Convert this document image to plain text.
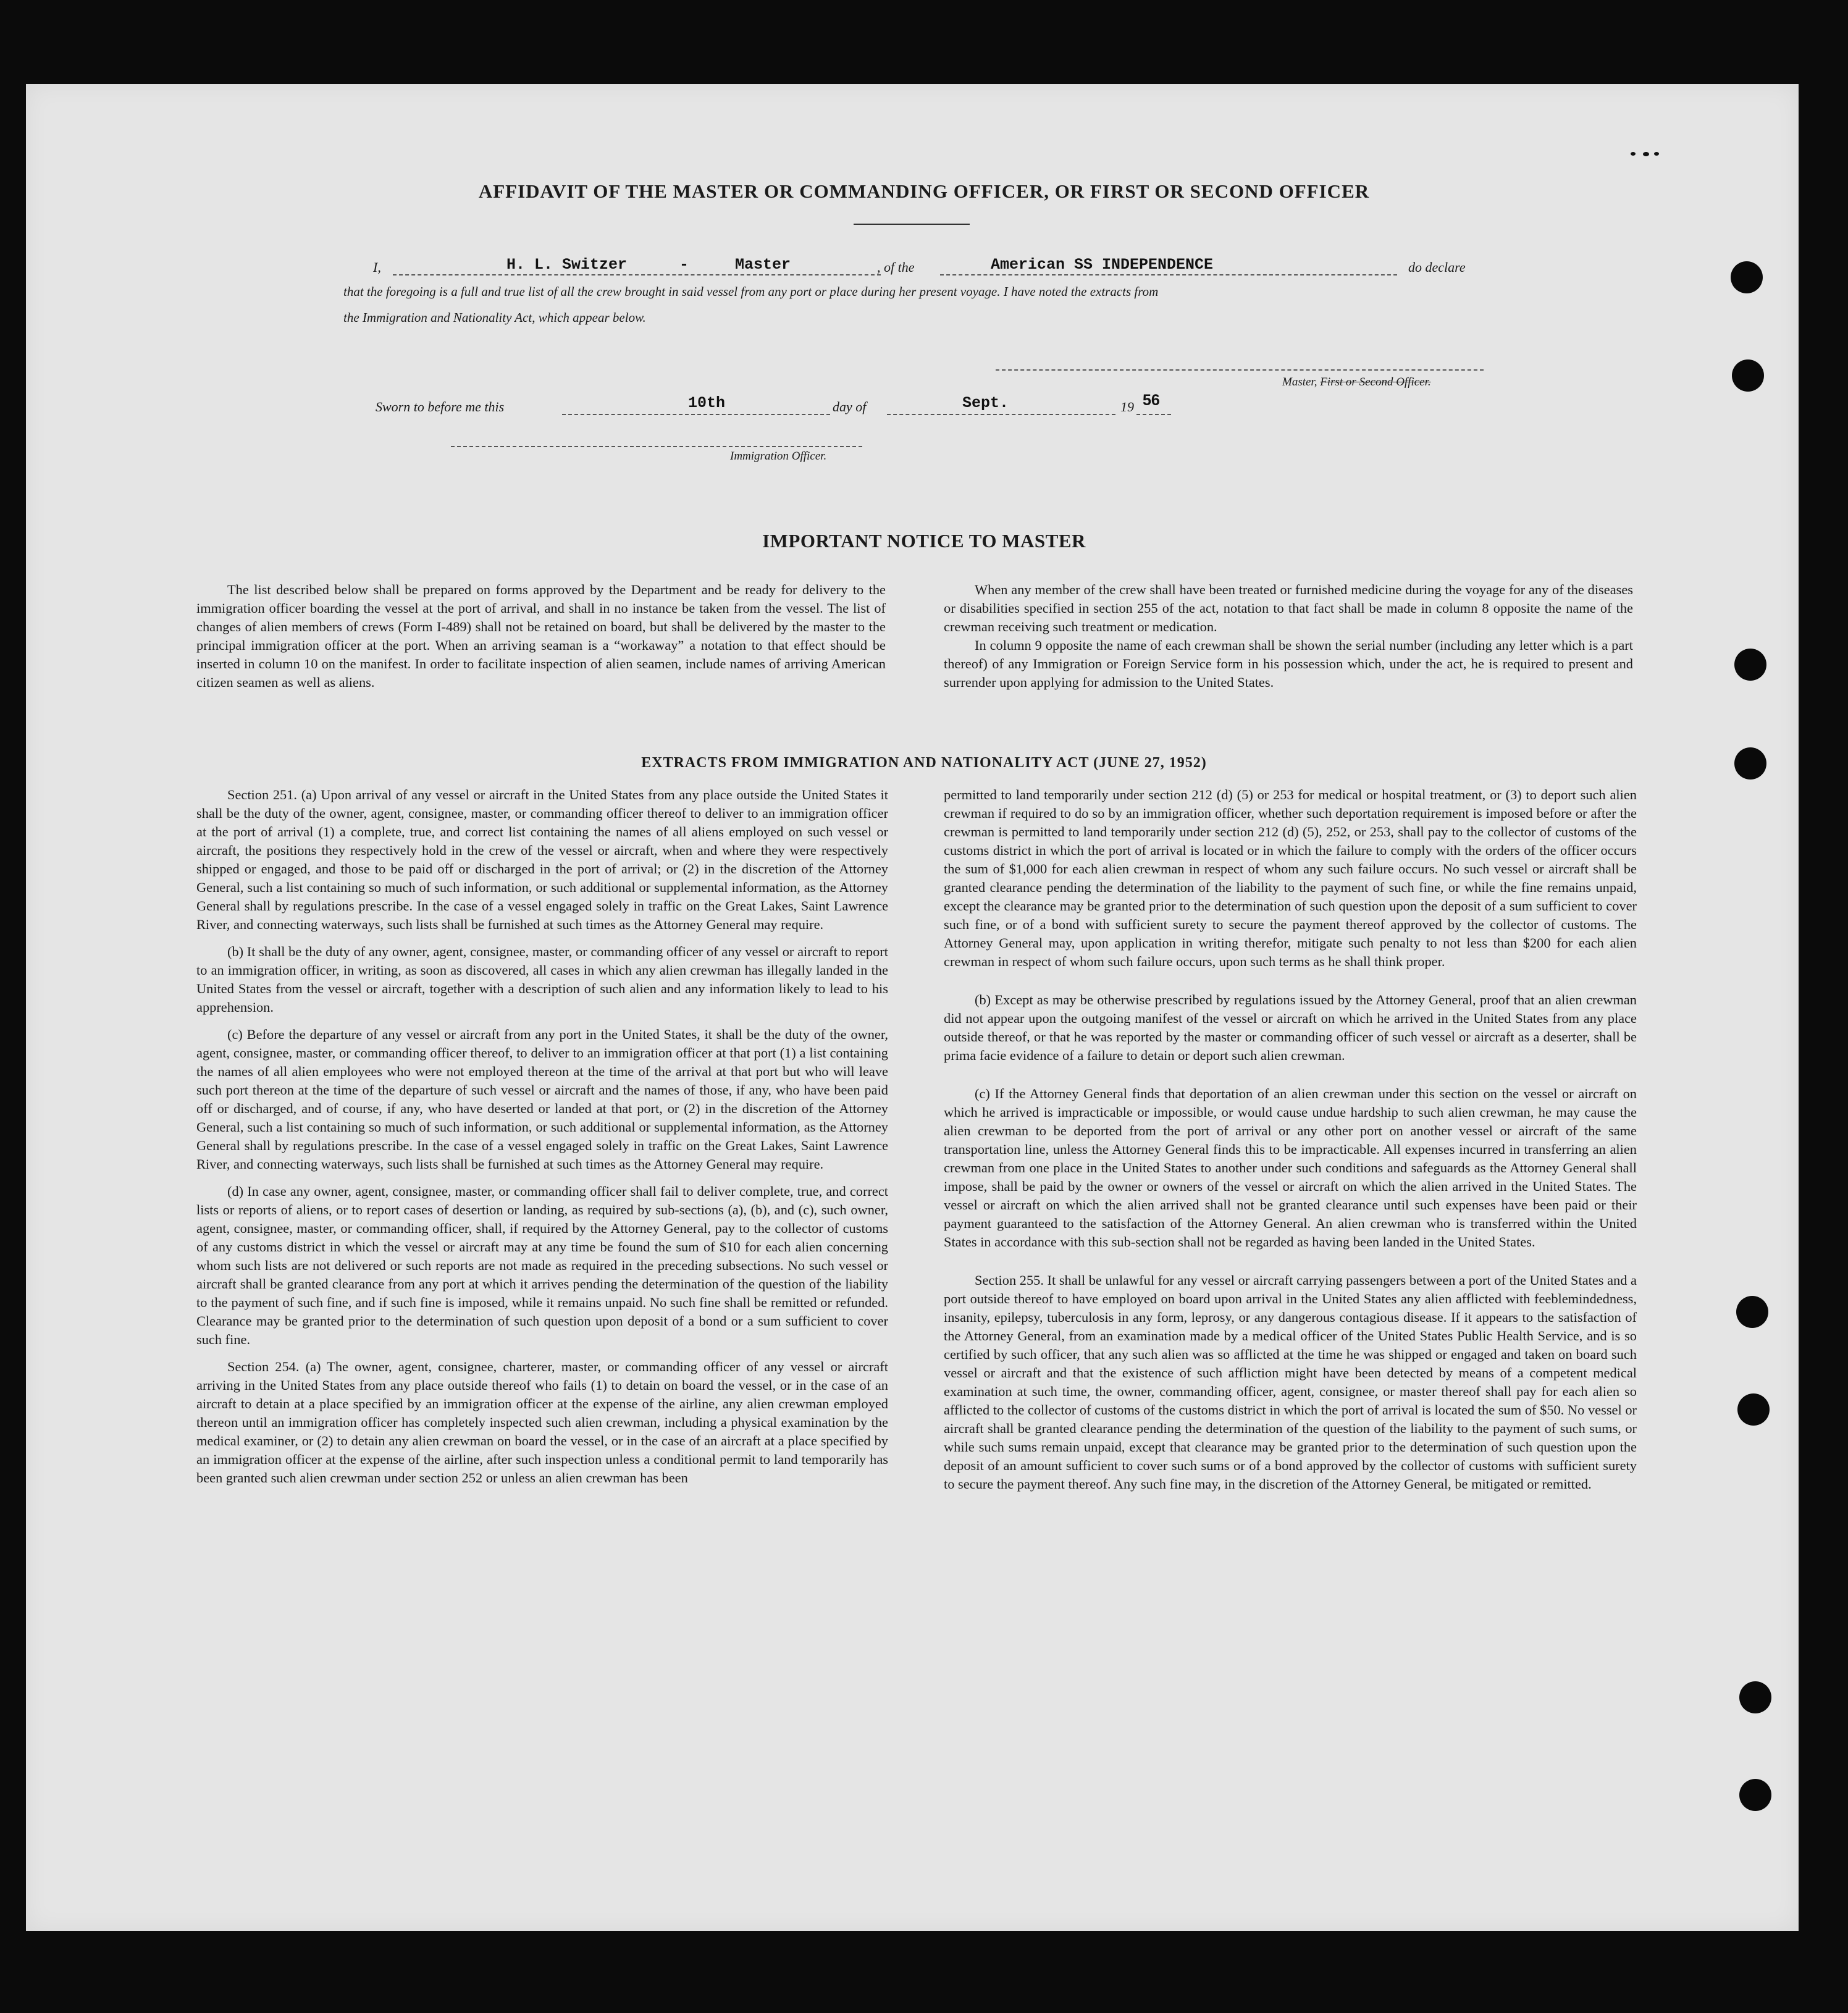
AFFIDAVIT OF THE MASTER OR COMMANDING OFFICER, OR FIRST OR SECOND OFFICER
I,	H. L. Switzer	-	Master	, of the	American SS INDEPENDENCE	do declare
that the foregoing is a full and true list of all the crew brought in said vessel from any port or place during her present voyage. I have noted the extracts from
the Immigration and Nationality Act, which appear below.
Master, First or Second Officer.
Sworn to before me this	10th	day of	Sept.	19 56
Immigration Officer.
IMPORTANT NOTICE TO MASTER

The list described below shall be prepared on forms approved by the Department and be ready for delivery to the immigration officer boarding the vessel at the port of arrival, and shall in no instance be taken from the vessel. The list of changes of alien members of crews (Form I-489) shall not be retained on board, but shall be delivered by the master to the principal immigration officer at the port. When an arriving seaman is a “workaway” a notation to that effect should be inserted in column 10 on the manifest. In order to facilitate inspection of alien seamen, include names of arriving American citizen seamen as well as aliens.

When any member of the crew shall have been treated or furnished medicine during the voyage for any of the diseases or disabilities specified in section 255 of the act, notation to that fact shall be made in column 8 opposite the name of the crewman receiving such treatment or medication.

In column 9 opposite the name of each crewman shall be shown the serial number (including any letter which is a part thereof) of any Immigration or Foreign Service form in his possession which, under the act, he is required to present and surrender upon applying for admission to the United States.

EXTRACTS FROM IMMIGRATION AND NATIONALITY ACT (JUNE 27, 1952)

Section 251. (a) Upon arrival of any vessel or aircraft in the United States from any place outside the United States it shall be the duty of the owner, agent, consignee, master, or commanding officer thereof to deliver to an immigration officer at the port of arrival (1) a complete, true, and correct list containing the names of all aliens employed on such vessel or aircraft, the positions they respectively hold in the crew of the vessel or aircraft, when and where they were respectively shipped or engaged, and those to be paid off or discharged in the port of arrival; or (2) in the discretion of the Attorney General, such a list containing so much of such information, or such additional or supplemental information, as the Attorney General shall by regulations prescribe. In the case of a vessel engaged solely in traffic on the Great Lakes, Saint Lawrence River, and connecting waterways, such lists shall be furnished at such times as the Attorney General may require.

(b) It shall be the duty of any owner, agent, consignee, master, or commanding officer of any vessel or aircraft to report to an immigration officer, in writing, as soon as discovered, all cases in which any alien crewman has illegally landed in the United States from the vessel or aircraft, together with a description of such alien and any information likely to lead to his apprehension.

(c) Before the departure of any vessel or aircraft from any port in the United States, it shall be the duty of the owner, agent, consignee, master, or commanding officer thereof, to deliver to an immigration officer at that port (1) a list containing the names of all alien employees who were not employed thereon at the time of the arrival at that port but who will leave such port thereon at the time of the departure of such vessel or aircraft and the names of those, if any, who have been paid off or discharged, and of course, if any, who have deserted or landed at that port, or (2) in the discretion of the Attorney General, such a list containing so much of such information, or such additional or supplemental information, as the Attorney General shall by regulations prescribe. In the case of a vessel engaged solely in traffic on the Great Lakes, Saint Lawrence River, and connecting waterways, such lists shall be furnished at such times as the Attorney General may require.

(d) In case any owner, agent, consignee, master, or commanding officer shall fail to deliver complete, true, and correct lists or reports of aliens, or to report cases of desertion or landing, as required by sub-sections (a), (b), and (c), such owner, agent, consignee, master, or commanding officer, shall, if required by the Attorney General, pay to the collector of customs of any customs district in which the vessel or aircraft may at any time be found the sum of $10 for each alien concerning whom such lists are not delivered or such reports are not made as required in the preceding subsections. No such vessel or aircraft shall be granted clearance from any port at which it arrives pending the determination of the question of the liability to the payment of such fine, and if such fine is imposed, while it remains unpaid. No such fine shall be remitted or refunded. Clearance may be granted prior to the determination of such question upon deposit of a bond or a sum sufficient to cover such fine.

Section 254. (a) The owner, agent, consignee, charterer, master, or commanding officer of any vessel or aircraft arriving in the United States from any place outside thereof who fails (1) to detain on board the vessel, or in the case of an aircraft to detain at a place specified by an immigration officer at the expense of the airline, any alien crewman employed thereon until an immigration officer has completely inspected such alien crewman, including a physical examination by the medical examiner, or (2) to detain any alien crewman on board the vessel, or in the case of an aircraft at a place specified by an immigration officer at the expense of the airline, after such inspection unless a conditional permit to land temporarily has been granted such alien crewman under section 252 or unless an alien crewman has been

permitted to land temporarily under section 212 (d) (5) or 253 for medical or hospital treatment, or (3) to deport such alien crewman if required to do so by an immigration officer, whether such deportation requirement is imposed before or after the crewman is permitted to land temporarily under section 212 (d) (5), 252, or 253, shall pay to the collector of customs of the customs district in which the port of arrival is located or in which the failure to comply with the orders of the officer occurs the sum of $1,000 for each alien crewman in respect of whom any such failure occurs. No such vessel or aircraft shall be granted clearance pending the determination of the liability to the payment of such fine, or while the fine remains unpaid, except the clearance may be granted prior to the determination of such question upon the deposit of a sum sufficient to cover such fine, or of a bond with sufficient surety to secure the payment thereof approved by the collector of customs. The Attorney General may, upon application in writing therefor, mitigate such penalty to not less than $200 for each alien crewman in respect of whom such failure occurs, upon such terms as he shall think proper.

(b) Except as may be otherwise prescribed by regulations issued by the Attorney General, proof that an alien crewman did not appear upon the outgoing manifest of the vessel or aircraft on which he arrived in the United States from any place outside thereof, or that he was reported by the master or commanding officer of such vessel or aircraft as a deserter, shall be prima facie evidence of a failure to detain or deport such alien crewman.

(c) If the Attorney General finds that deportation of an alien crewman under this section on the vessel or aircraft on which he arrived is impracticable or impossible, or would cause undue hardship to such alien crewman, he may cause the alien crewman to be deported from the port of arrival or any other port on another vessel or aircraft of the same transportation line, unless the Attorney General finds this to be impracticable. All expenses incurred in transferring an alien crewman from one place in the United States to another under such conditions and safeguards as the Attorney General shall impose, shall be paid by the owner or owners of the vessel or aircraft on which the alien arrived in the United States. The vessel or aircraft on which the alien arrived shall not be granted clearance until such expenses have been paid or their payment guaranteed to the satisfaction of the Attorney General. An alien crewman who is transferred within the United States in accordance with this sub-section shall not be regarded as having been landed in the United States.

Section 255. It shall be unlawful for any vessel or aircraft carrying passengers between a port of the United States and a port outside thereof to have employed on board upon arrival in the United States any alien afflicted with feeblemindedness, insanity, epilepsy, tuberculosis in any form, leprosy, or any dangerous contagious disease. If it appears to the satisfaction of the Attorney General, from an examination made by a medical officer of the United States Public Health Service, and is so certified by such officer, that any such alien was so afflicted at the time he was shipped or engaged and taken on board such vessel or aircraft and that the existence of such affliction might have been detected by means of a competent medical examination at such time, the owner, commanding officer, agent, consignee, or master thereof shall pay for each alien so afflicted to the collector of customs of the customs district in which the port of arrival is located the sum of $50. No vessel or aircraft shall be granted clearance pending the determination of the question of the liability to the payment of such sums, or while such sums remain unpaid, except that clearance may be granted prior to the determination of such question upon the deposit of an amount sufficient to cover such sums or of a bond approved by the collector of customs with sufficient surety to secure the payment thereof. Any such fine may, in the discretion of the Attorney General, be mitigated or remitted.
